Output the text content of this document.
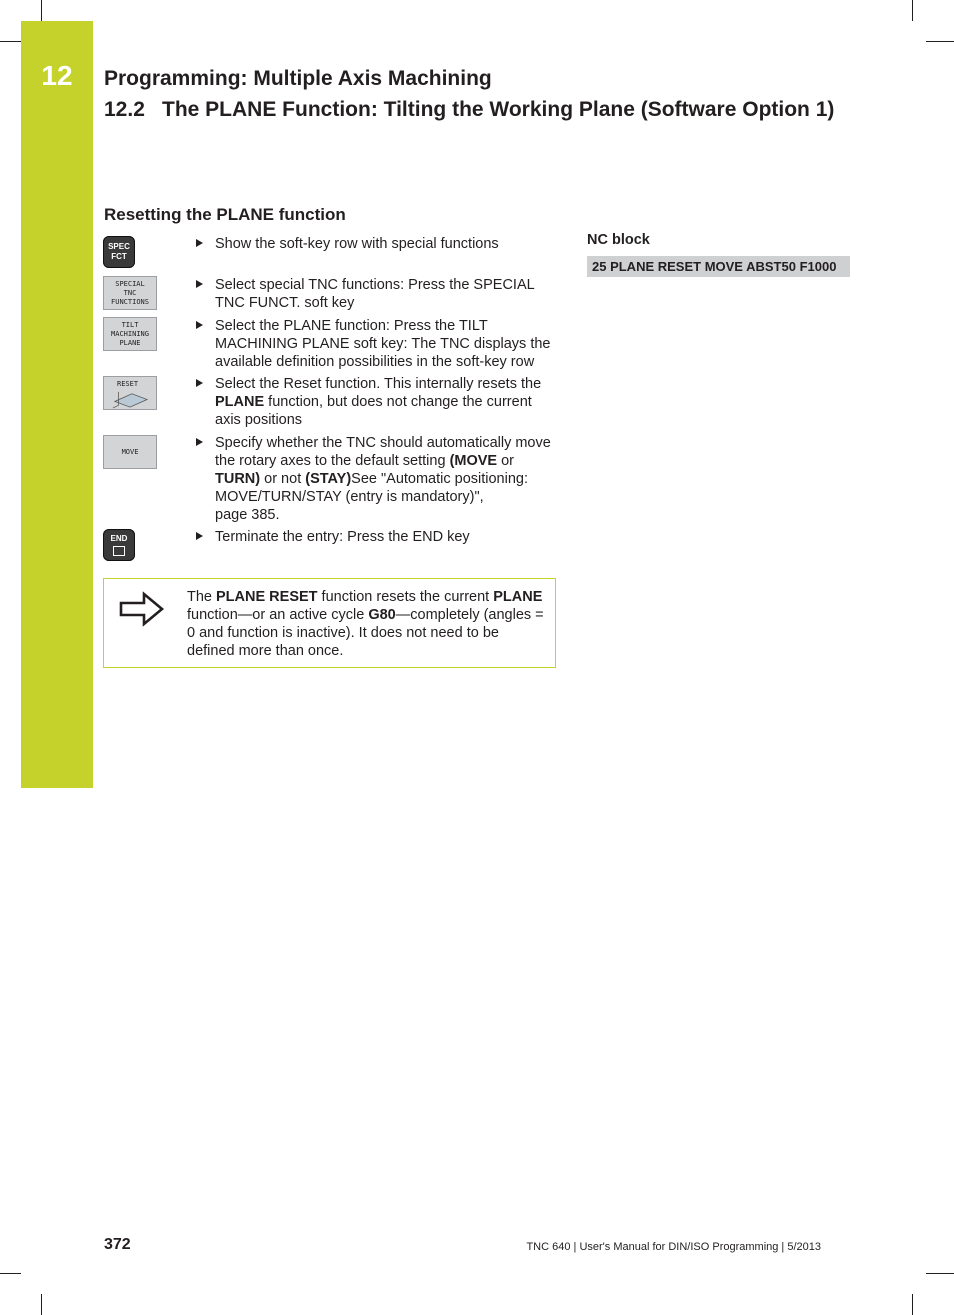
12	Programming: Multiple Axis Machining
12.2 The PLANE Function: Tilting the Working Plane (Software Option 1)
Resetting the PLANE function
SPEC
FCT
SPECIAL
TNC
FUNCTIONS
TILT
MACHINING
PLANE
RESET
MOVE
END
Show the soft-key row with special functions
Select special TNC functions: Press the SPECIAL TNC FUNCT. soft key
Select the PLANE function: Press the TILT MACHINING PLANE soft key: The TNC displays the available definition possibilities in the soft-key row
Select the Reset function. This internally resets the PLANE function, but does not change the current axis positions
Specify whether the TNC should automatically move the rotary axes to the default setting (MOVE or TURN) or not (STAY)See "Automatic positioning: MOVE/TURN/STAY (entry is mandatory)",
page 385.
Terminate the entry: Press the END key
The PLANE RESET function resets the current PLANE function—or an active cycle G80—completely (angles = 0 and function is inactive). It does not need to be defined more than once.
NC block
25 PLANE RESET MOVE ABST50 F1000
372	TNC 640 | User's Manual for DIN/ISO Programming | 5/2013
